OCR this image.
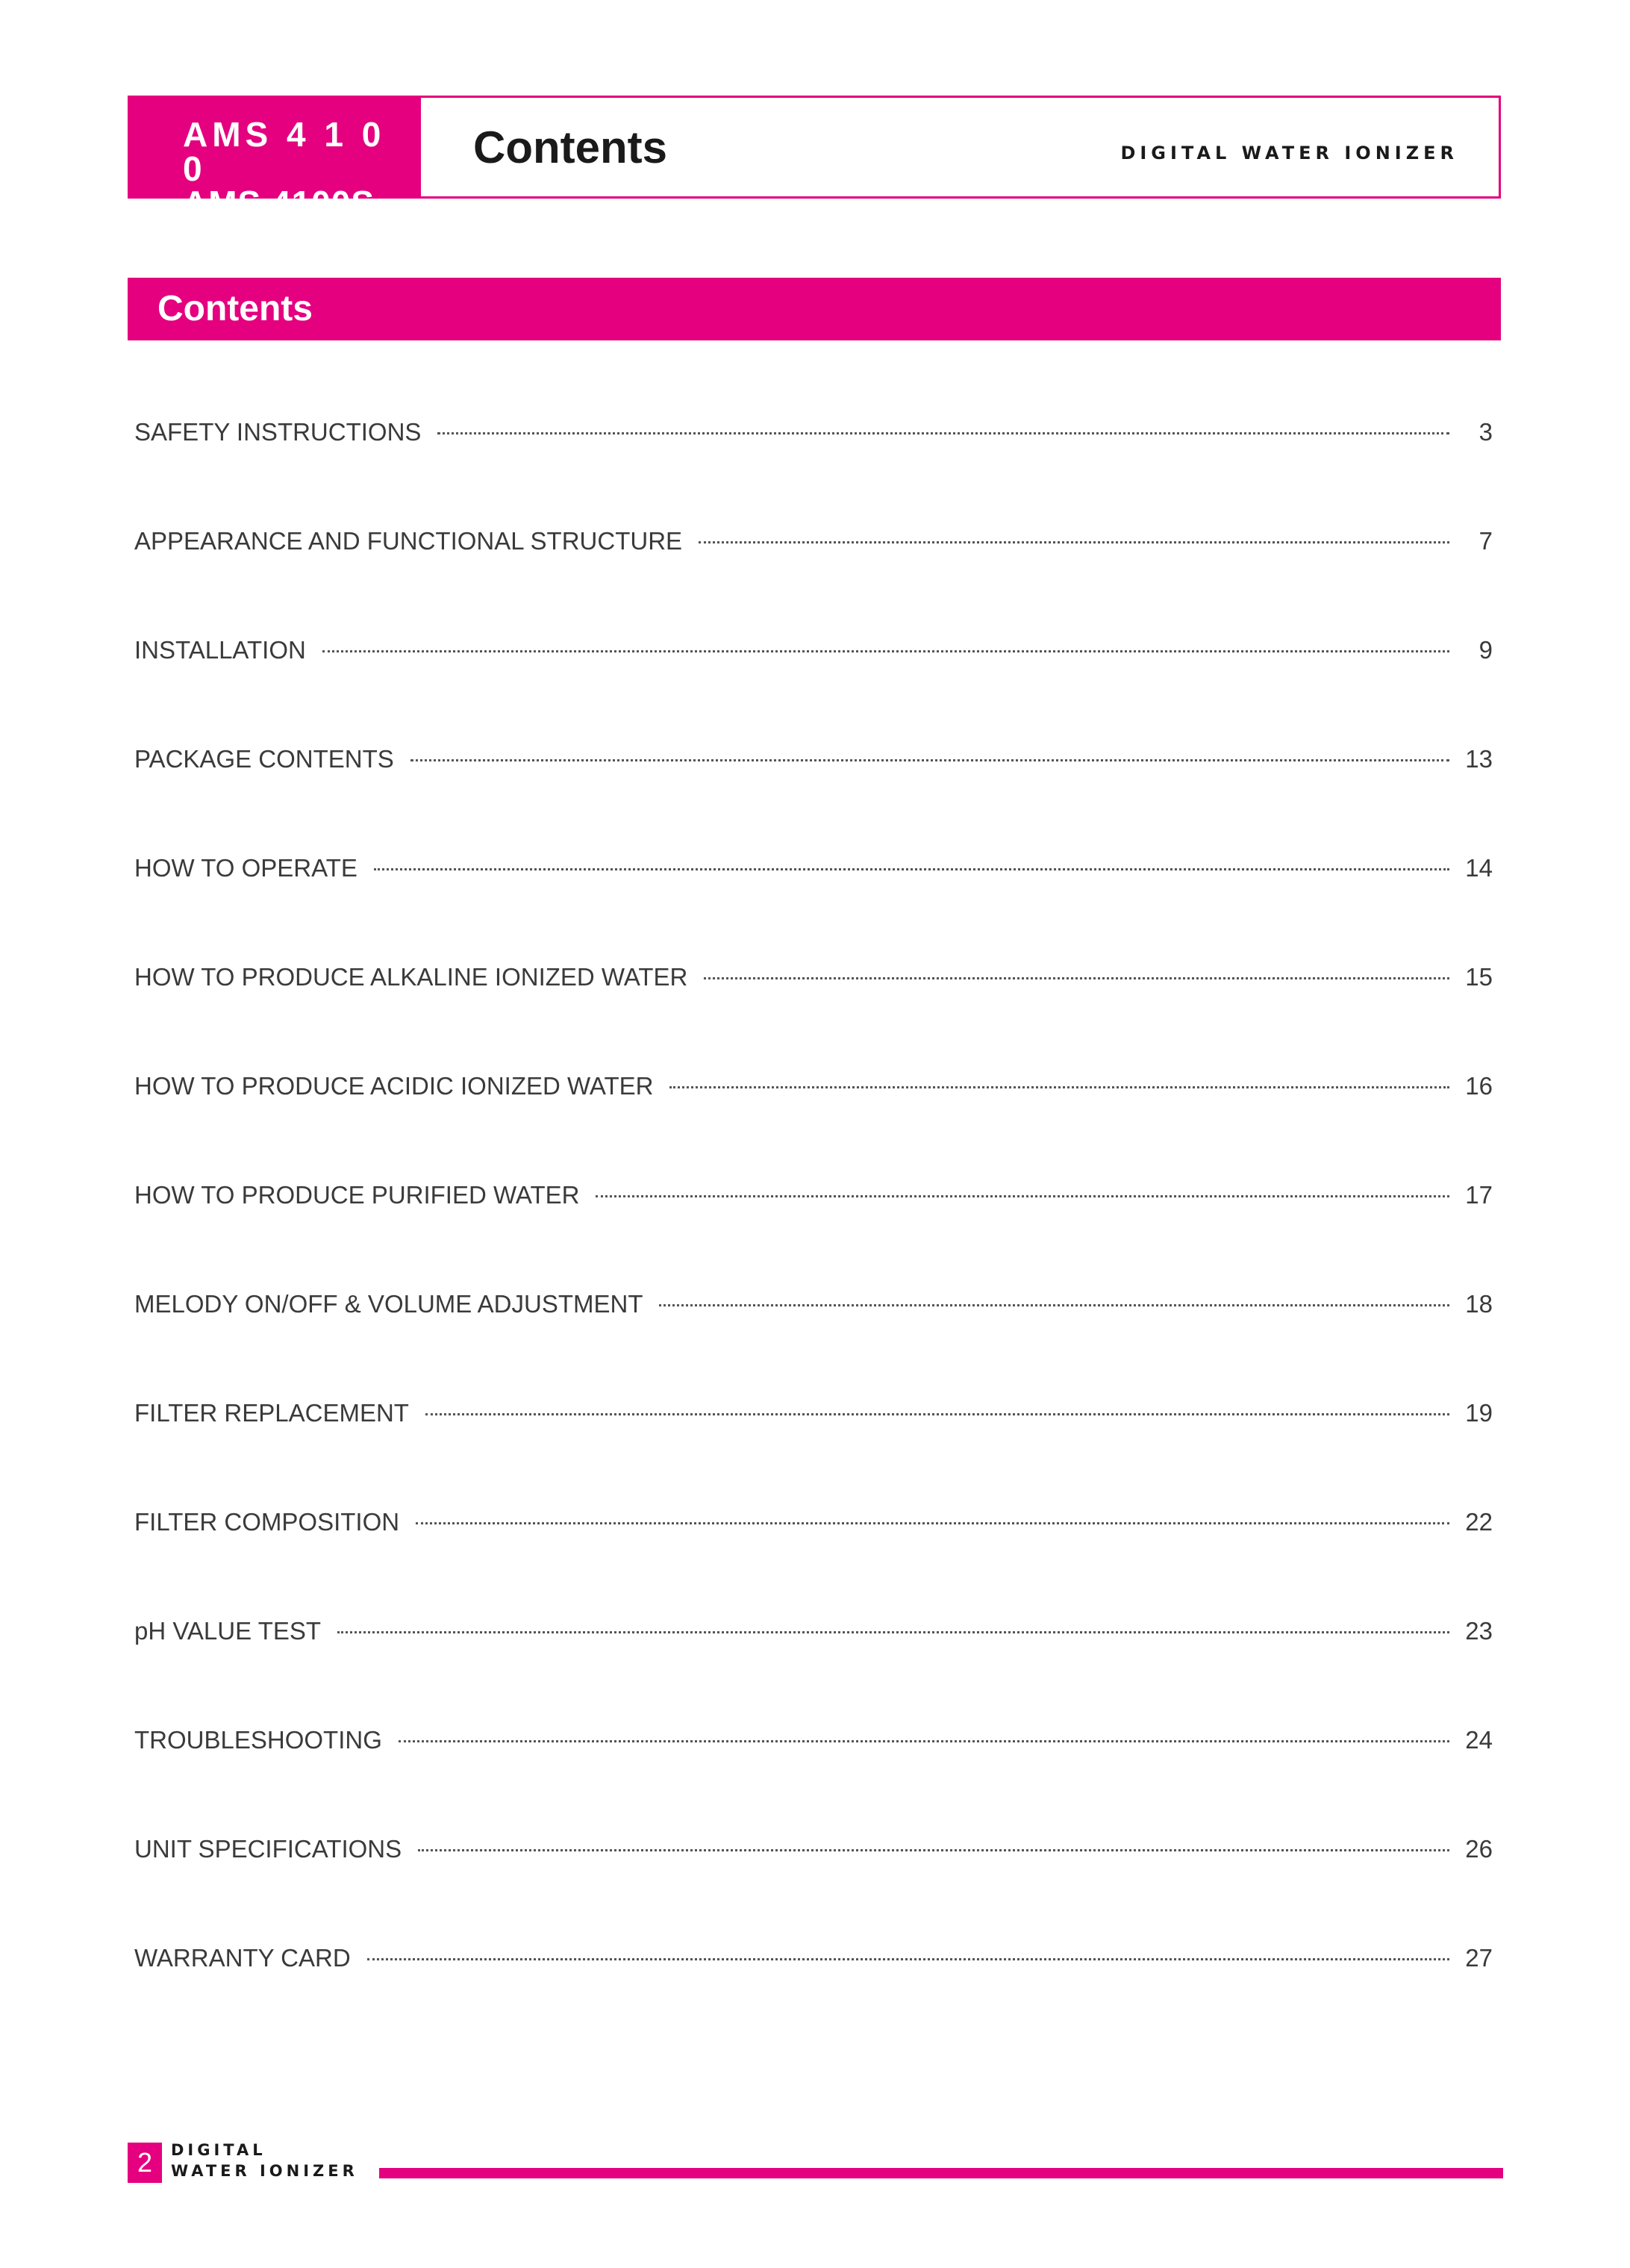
AMS 4 1 0 0
AMS 4100S
Contents	DIGITAL WATER IONIZER
Contents
SAFETY INSTRUCTIONS	3
APPEARANCE AND FUNCTIONAL STRUCTURE	7
INSTALLATION	9
PACKAGE CONTENTS	13
HOW TO OPERATE	14
HOW TO PRODUCE ALKALINE IONIZED WATER	15
HOW TO PRODUCE ACIDIC IONIZED WATER	16
HOW TO PRODUCE PURIFIED WATER	17
MELODY ON/OFF & VOLUME ADJUSTMENT	18
FILTER REPLACEMENT	19
FILTER COMPOSITION	22
pH VALUE TEST	23
TROUBLESHOOTING	24
UNIT SPECIFICATIONS	26
WARRANTY CARD	27
2	DIGITAL
WATER IONIZER
